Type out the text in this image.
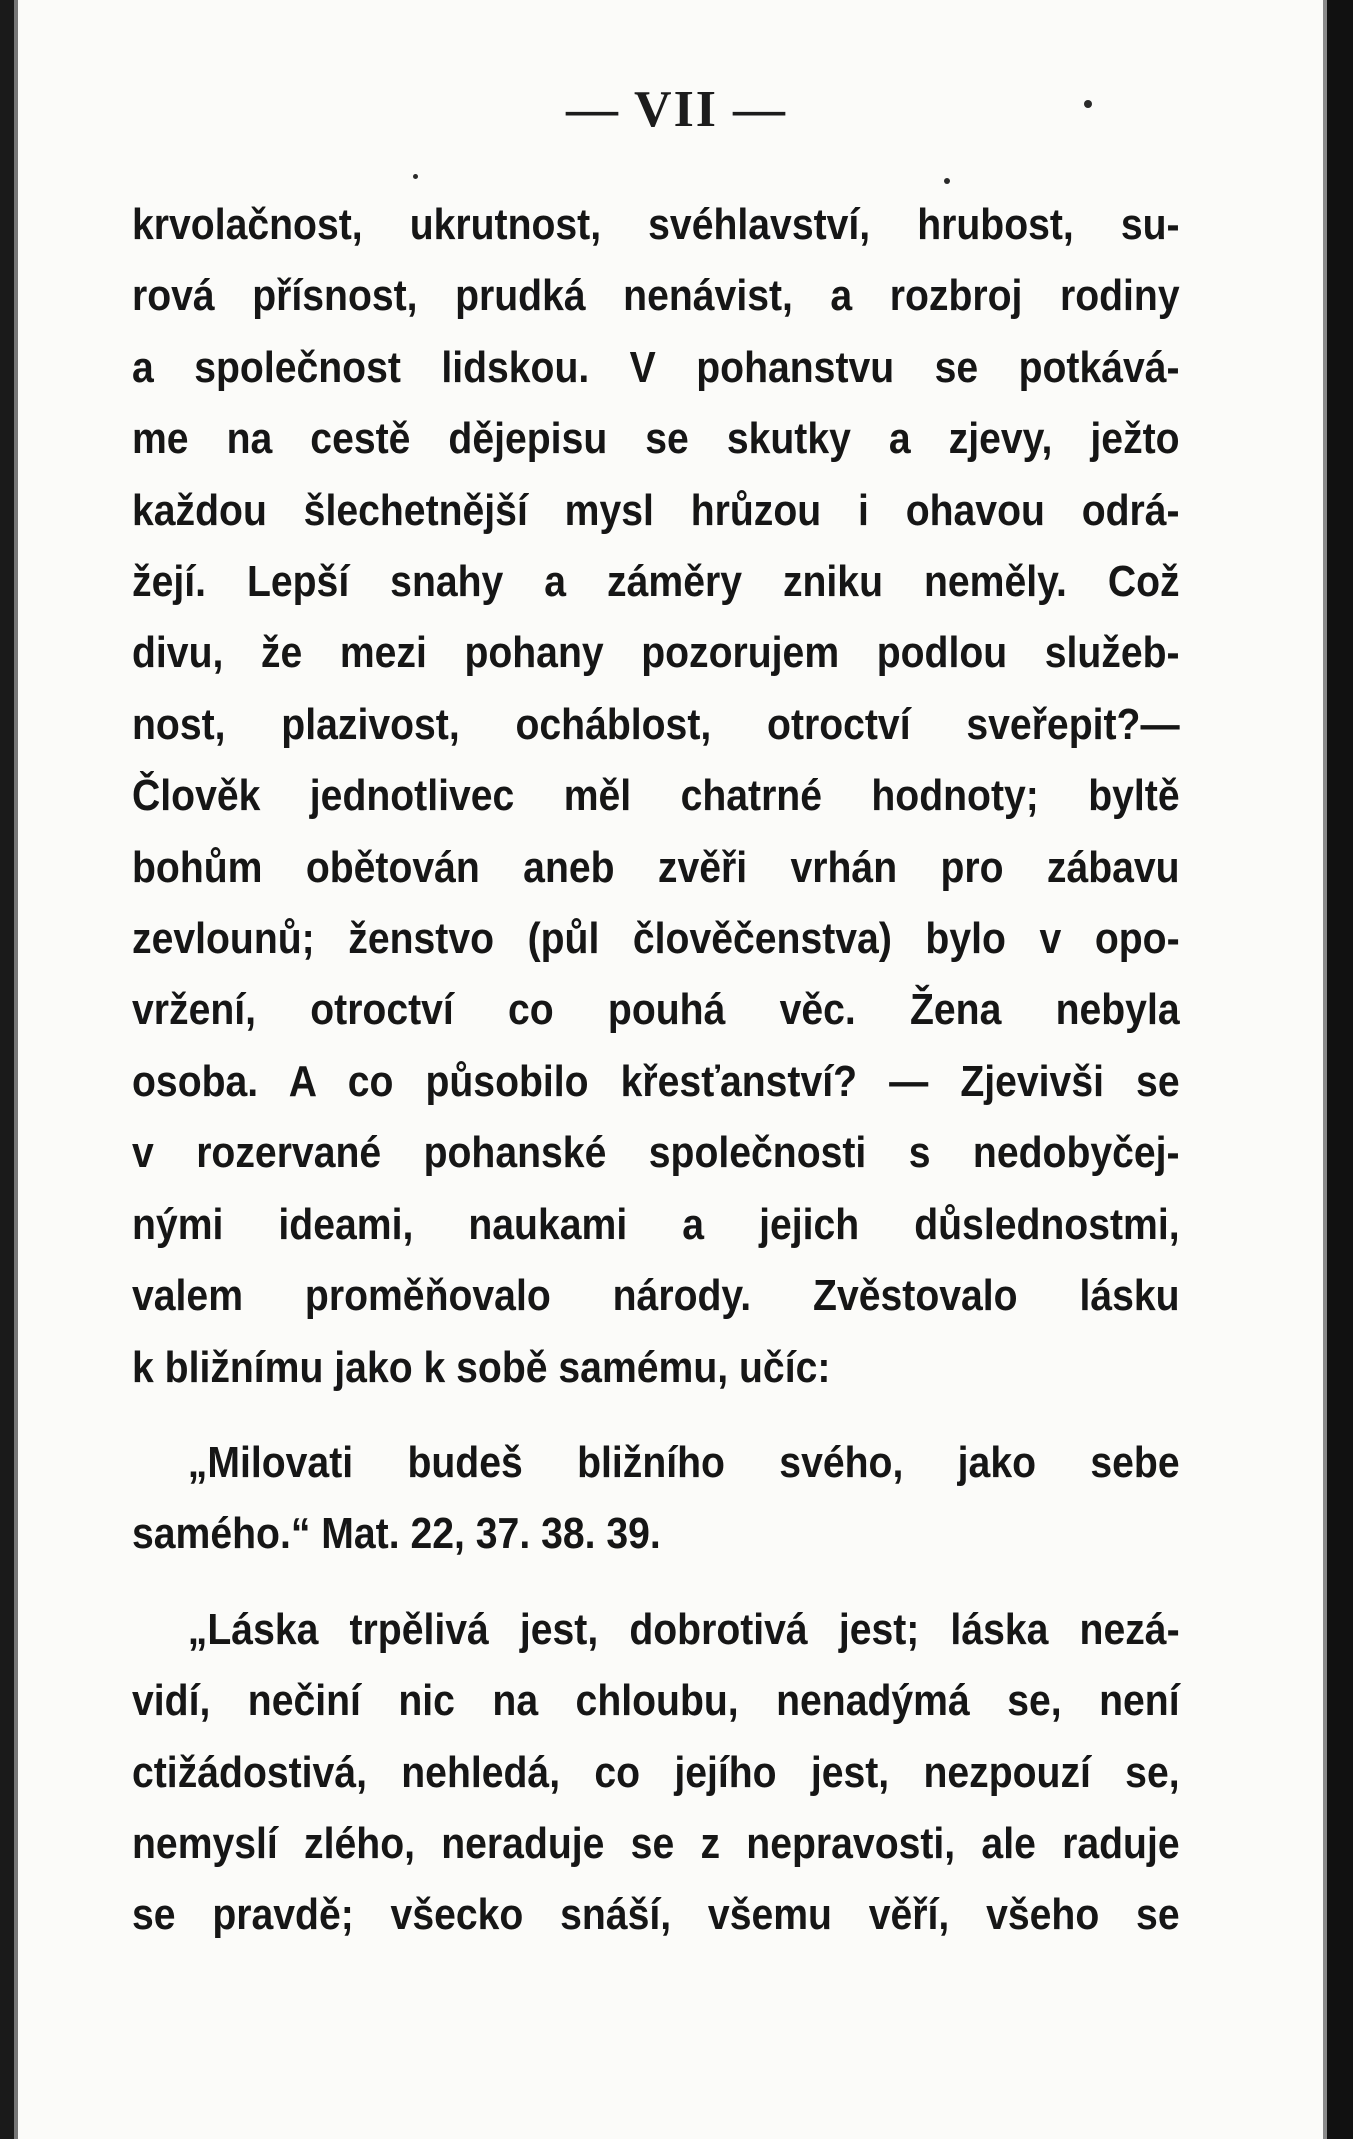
— VII —
krvolačnost, ukrutnost, svéhlavství, hrubost, su-
rová přísnost, prudká nenávist, a rozbroj rodiny
a společnost lidskou. V pohanstvu se potkává-
me na cestě dějepisu se skutky a zjevy, ježto
každou šlechetnější mysl hrůzou i ohavou odrá-
žejí. Lepší snahy a záměry zniku neměly. Což
divu, že mezi pohany pozorujem podlou služeb-
nost, plazivost, ocháblost, otroctví sveřepit?—
Člověk jednotlivec měl chatrné hodnoty; byltě
bohům obětován aneb zvěři vrhán pro zábavu
zevlounů; ženstvo (půl člověčenstva) bylo v opo-
vržení, otroctví co pouhá věc. Žena nebyla
osoba. A co působilo křesťanství? — Zjevivši se
v rozervané pohanské společnosti s nedobyčej-
nými ideami, naukami a jejich důslednostmi,
valem proměňovalo národy. Zvěstovalo lásku
k bližnímu jako k sobě samému, učíc:
„Milovati budeš bližního svého, jako sebe
samého.“ Mat. 22, 37. 38. 39.
„Láska trpělivá jest, dobrotivá jest; láska nezá-
vidí, nečiní nic na chloubu, nenadýmá se, není
ctižádostivá, nehledá, co jejího jest, nezpouzí se,
nemyslí zlého, neraduje se z nepravosti, ale raduje
se pravdě; všecko snáší, všemu věří, všeho se
